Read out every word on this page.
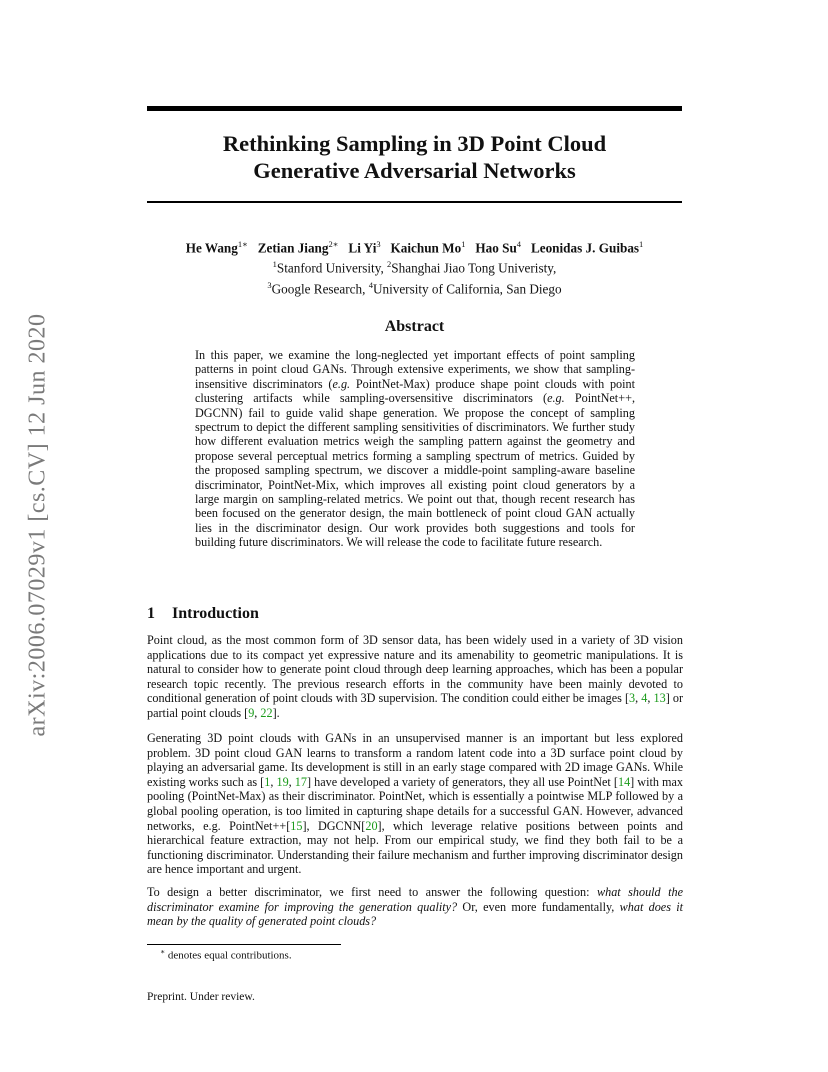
arXiv:2006.07029v1 [cs.CV] 12 Jun 2020
Rethinking Sampling in 3D Point Cloud
Generative Adversarial Networks
He Wang$^{1∗}$ Zetian Jiang$^{2∗}$ Li Yi$^3$ Kaichun Mo$^1$ Hao Su$^4$ Leonidas J. Guibas$^1$
$^1$Stanford University, $^2$Shanghai Jiao Tong Univeristy,
$^3$Google Research, $^4$University of California, San Diego
Abstract
In this paper, we examine the long-neglected yet important effects of point sampling patterns in point cloud GANs. Through extensive experiments, we show that sampling-insensitive discriminators (e.g. PointNet-Max) produce shape point clouds with point clustering artifacts while sampling-oversensitive discriminators (e.g. PointNet++, DGCNN) fail to guide valid shape generation. We propose the concept of sampling spectrum to depict the different sampling sensitivities of discriminators. We further study how different evaluation metrics weigh the sampling pattern against the geometry and propose several perceptual metrics forming a sampling spectrum of metrics. Guided by the proposed sampling spectrum, we discover a middle-point sampling-aware baseline discriminator, PointNet-Mix, which improves all existing point cloud generators by a large margin on sampling-related metrics. We point out that, though recent research has been focused on the generator design, the main bottleneck of point cloud GAN actually lies in the discriminator design. Our work provides both suggestions and tools for building future discriminators. We will release the code to facilitate future research.
1 Introduction
Point cloud, as the most common form of 3D sensor data, has been widely used in a variety of 3D vision applications due to its compact yet expressive nature and its amenability to geometric manipulations. It is natural to consider how to generate point cloud through deep learning approaches, which has been a popular research topic recently. The previous research efforts in the community have been mainly devoted to conditional generation of point clouds with 3D supervision. The condition could either be images [3, 4, 13] or partial point clouds [9, 22].
Generating 3D point clouds with GANs in an unsupervised manner is an important but less explored problem. 3D point cloud GAN learns to transform a random latent code into a 3D surface point cloud by playing an adversarial game. Its development is still in an early stage compared with 2D image GANs. While existing works such as [1, 19, 17] have developed a variety of generators, they all use PointNet [14] with max pooling (PointNet-Max) as their discriminator. PointNet, which is essentially a pointwise MLP followed by a global pooling operation, is too limited in capturing shape details for a successful GAN. However, advanced networks, e.g. PointNet++[15], DGCNN[20], which leverage relative positions between points and hierarchical feature extraction, may not help. From our empirical study, we find they both fail to be a functioning discriminator. Understanding their failure mechanism and further improving discriminator design are hence important and urgent.
To design a better discriminator, we first need to answer the following question: what should the discriminator examine for improving the generation quality? Or, even more fundamentally, what does it mean by the quality of generated point clouds?
∗ denotes equal contributions.
Preprint. Under review.
